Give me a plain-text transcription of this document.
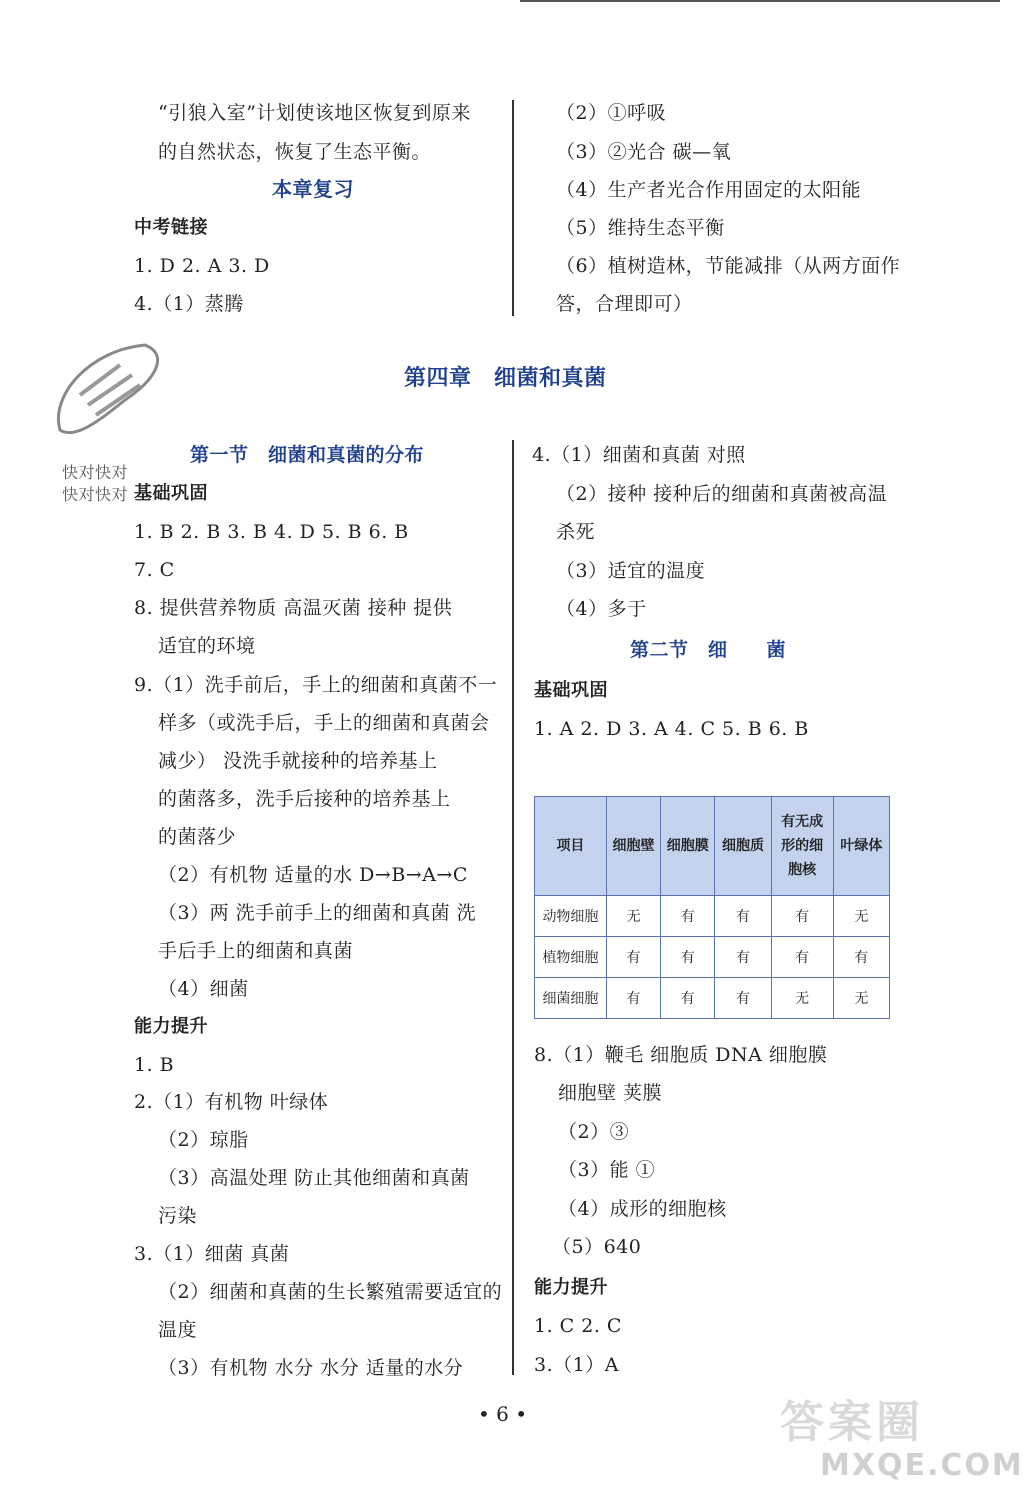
“引狼入室”计划使该地区恢复到原来
的自然状态，恢复了生态平衡。
本章复习
中考链接
1. D 2. A 3. D
4.（1）蒸腾
（2）①呼吸
（3）②光合 碳—氧
（4）生产者光合作用固定的太阳能
（5）维持生态平衡
（6）植树造林，节能减排（从两方面作
答，合理即可）
快对快对
快对快对
第四章　细菌和真菌
第一节　细菌和真菌的分布
基础巩固
1. B 2. B 3. B 4. D 5. B 6. B
7. C
8. 提供营养物质 高温灭菌 接种 提供
适宜的环境
9.（1）洗手前后，手上的细菌和真菌不一
样多（或洗手后，手上的细菌和真菌会
减少） 没洗手就接种的培养基上
的菌落多，洗手后接种的培养基上
的菌落少
（2）有机物 适量的水 D→B→A→C
（3）两 洗手前手上的细菌和真菌 洗
手后手上的细菌和真菌
（4）细菌
能力提升
1. B
2.（1）有机物 叶绿体
（2）琼脂
（3）高温处理 防止其他细菌和真菌
污染
3.（1）细菌 真菌
（2）细菌和真菌的生长繁殖需要适宜的
温度
（3）有机物 水分 水分 适量的水分
4.（1）细菌和真菌 对照
（2）接种 接种后的细菌和真菌被高温
杀死
（3）适宜的温度
（4）多于
第二节　细　　菌
基础巩固
1. A 2. D 3. A 4. C 5. B 6. B
项目	细胞壁	细胞膜	细胞质	有无成形的细胞核	叶绿体
动物细胞	无	有	有	有	无
植物细胞	有	有	有	有	有
细菌细胞	有	有	有	无	无
8.（1）鞭毛 细胞质 DNA 细胞膜
细胞壁 荚膜
（2）③
（3）能 ①
（4）成形的细胞核
（5）640
能力提升
1. C 2. C
3.（1）A
• 6 •	答案圈
MXQE.COM
